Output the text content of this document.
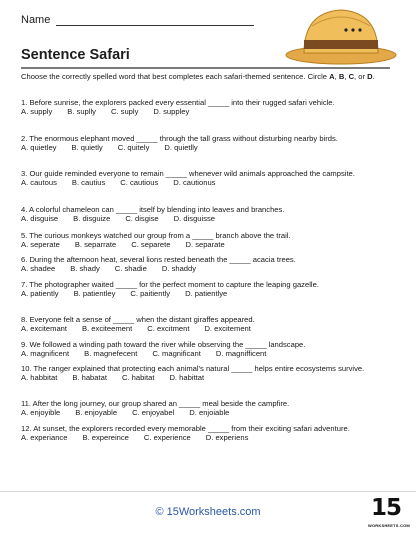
Name
Sentence Safari
Choose the correctly spelled word that best completes each safari-themed sentence. Circle A, B, C, or D.
1. Before sunrise, the explorers packed every essential _____ into their rugged safari vehicle.
A. supply B. suplly C. suply D. suppley
2. The enormous elephant moved _____ through the tall grass without disturbing nearby birds.
A. quietley B. quietly C. quitely D. quietlly
3. Our guide reminded everyone to remain _____ whenever wild animals approached the campsite.
A. cautous B. cautius C. cautious D. cautionus
4. A colorful chameleon can _____ itself by blending into leaves and branches.
A. disguise B. disguize C. disgise D. disguisse
5. The curious monkeys watched our group from a _____ branch above the trail.
A. seperate B. separrate C. separete D. separate
6. During the afternoon heat, several lions rested beneath the _____ acacia trees.
A. shadee B. shady C. shadie D. shaddy
7. The photographer waited _____ for the perfect moment to capture the leaping gazelle.
A. patiently B. patientley C. paitiently D. patientlye
8. Everyone felt a sense of _____ when the distant giraffes appeared.
A. excitemant B. exciteement C. excitment D. excitement
9. We followed a winding path toward the river while observing the _____ landscape.
A. magnificent B. magnefecent C. magnificant D. magnifficent
10. The ranger explained that protecting each animal's natural _____ helps entire ecosystems survive.
A. habbitat B. habatat C. habitat D. habittat
11. After the long journey, our group shared an _____ meal beside the campfire.
A. enjoyible B. enjoyable C. enjoyabel D. enjoiable
12. At sunset, the explorers recorded every memorable _____ from their exciting safari adventure.
A. experiance B. expereince C. experience D. experiens
© 15Worksheets.com	15
WORKSHEETS.COM
